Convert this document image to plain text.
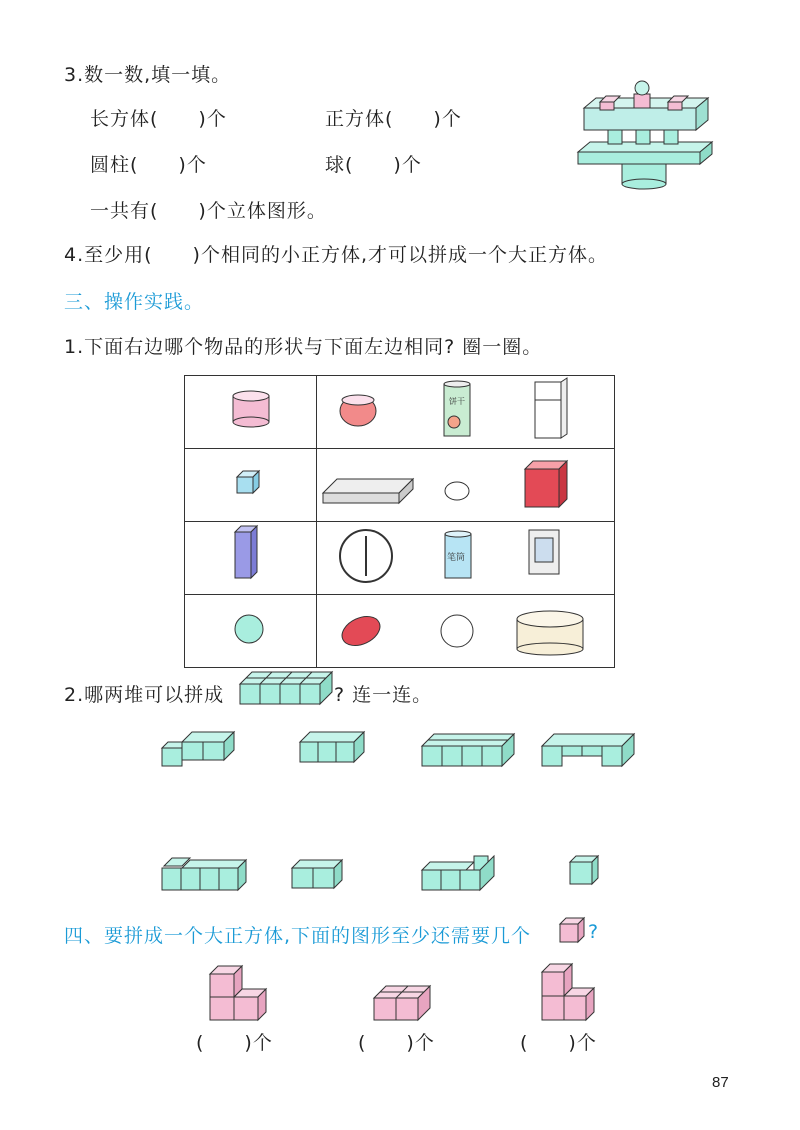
3.数一数,填一填。
长方体(　　)个	正方体(　　)个
圆柱(　　)个	球(　　)个
一共有(　　)个立体图形。
4.至少用(　　)个相同的小正方体,才可以拼成一个大正方体。
三、操作实践。
1.下面右边哪个物品的形状与下面左边相同? 圈一圈。

饼干

笔筒

2.哪两堆可以拼成	? 连一连。
四、要拼成一个大正方体,下面的图形至少还需要几个	?
(　　)个	(　　)个	(　　)个
87
